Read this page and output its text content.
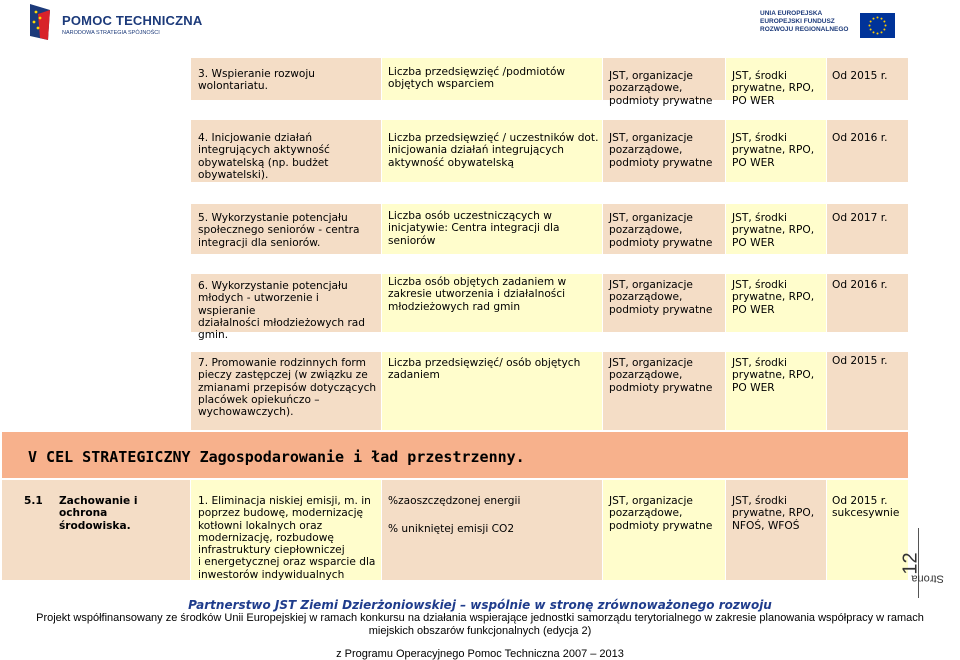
POMOC TECHNICZNA
NARODOWA STRATEGIA SPÓJNOŚCI
UNIA EUROPEJSKA
EUROPEJSKI FUNDUSZ
ROZWOJU REGIONALNEGO
3. Wspieranie rozwoju
wolontariatu.
Liczba przedsięwzięć /podmiotów
objętych wsparciem
JST, organizacje
pozarządowe,
podmioty prywatne
JST, środki
prywatne, RPO,
PO WER
Od 2015 r.
4. Inicjowanie działań
integrujących aktywność
obywatelską (np. budżet
obywatelski).
Liczba przedsięwzięć / uczestników dot.
inicjowania działań integrujących
aktywność obywatelską
JST, organizacje
pozarządowe,
podmioty prywatne
JST, środki
prywatne, RPO,
PO WER
Od 2016 r.
5. Wykorzystanie potencjału
społecznego seniorów - centra
integracji dla seniorów.
Liczba osób uczestniczących w
inicjatywie: Centra integracji dla
seniorów
JST, organizacje
pozarządowe,
podmioty prywatne
JST, środki
prywatne, RPO,
PO WER
Od 2017 r.
6. Wykorzystanie potencjału
młodych - utworzenie i wspieranie
działalności młodzieżowych rad
gmin.
Liczba osób objętych zadaniem w
zakresie utworzenia i działalności
młodzieżowych rad gmin
JST, organizacje
pozarządowe,
podmioty prywatne
JST, środki
prywatne, RPO,
PO WER
Od 2016 r.
7. Promowanie rodzinnych form
pieczy zastępczej (w związku ze
zmianami przepisów dotyczących
placówek opiekuńczo –
wychowawczych).
Liczba przedsięwzięć/ osób objętych
zadaniem
JST, organizacje
pozarządowe,
podmioty prywatne
JST, środki
prywatne, RPO,
PO WER
Od 2015 r.
V CEL STRATEGICZNY Zagospodarowanie i ład przestrzenny.
5.1	Zachowanie i ochrona
środowiska.
1. Eliminacja niskiej emisji, m. in
poprzez budowę, modernizację
kotłowni lokalnych oraz
modernizację, rozbudowę
infrastruktury ciepłowniczej
i energetycznej oraz wsparcie dla
inwestorów indywidualnych
%zaoszczędzonej energii
% unikniętej emisji CO2
JST, organizacje
pozarządowe,
podmioty prywatne
JST, środki
prywatne, RPO,
NFOŚ, WFOŚ
Od 2015 r.
sukcesywnie
Strona
12
Partnerstwo JST Ziemi Dzierżoniowskiej – wspólnie w stronę zrównoważonego rozwoju
Projekt współfinansowany ze środków Unii Europejskiej w ramach konkursu na działania wspierające jednostki samorządu terytorialnego w zakresie planowania współpracy w ramach
miejskich obszarów funkcjonalnych (edycja 2)
z Programu Operacyjnego Pomoc Techniczna 2007 – 2013
